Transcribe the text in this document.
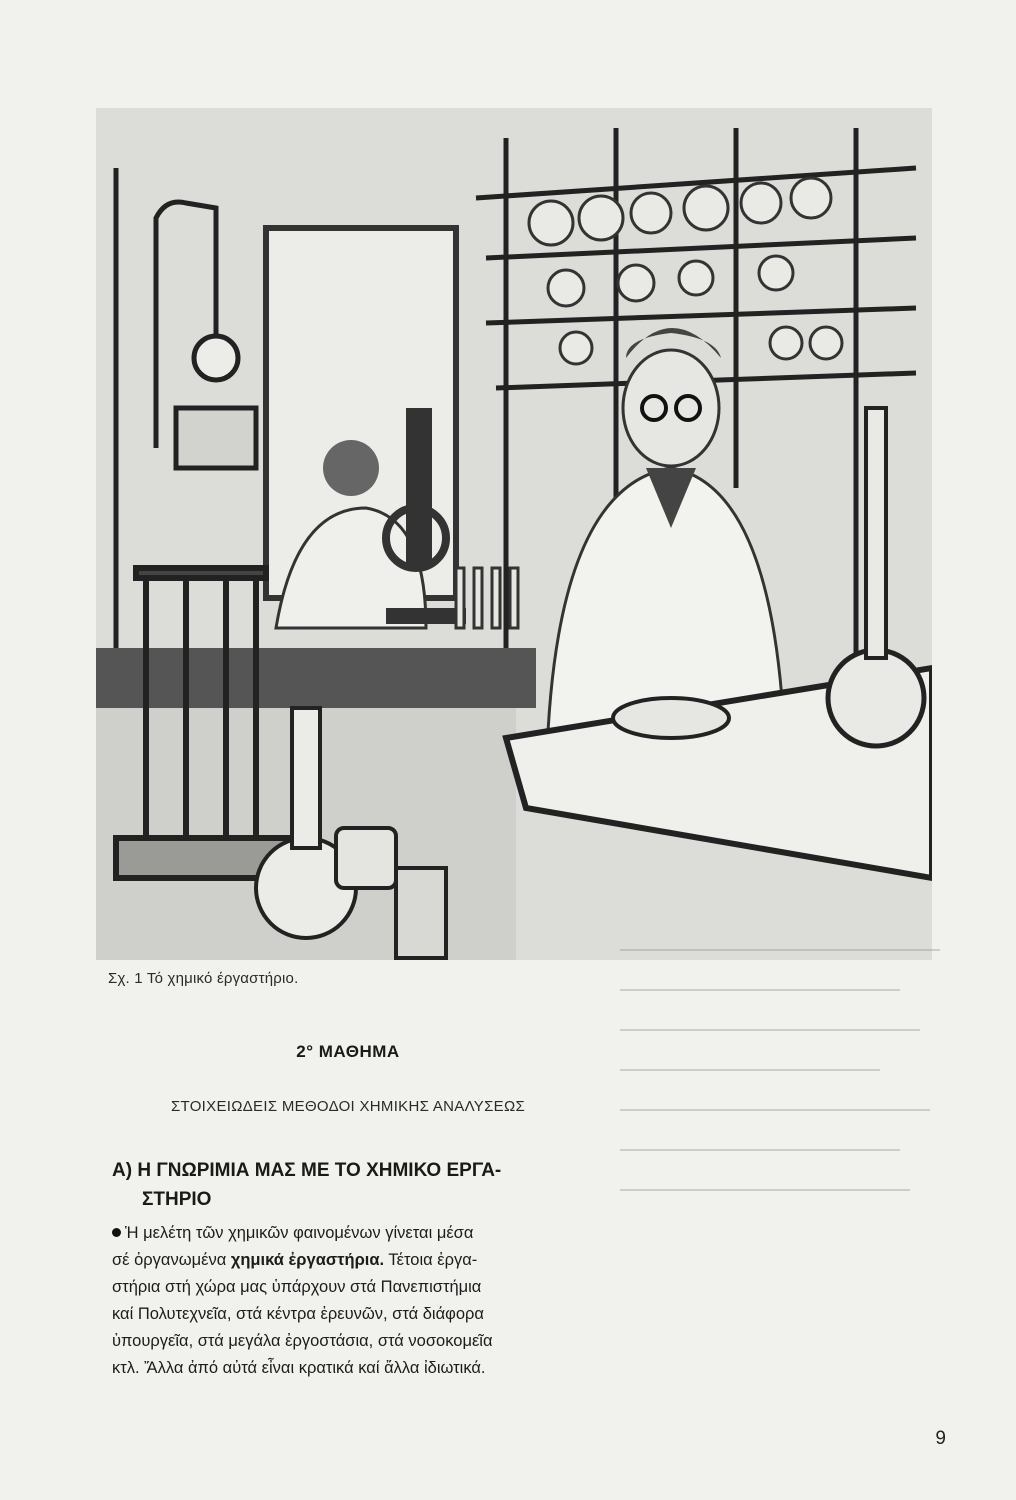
Σχ. 1 Τό χημικό έργαστήριο.
2° ΜΑΘΗΜΑ
ΣΤΟΙΧΕΙΩΔΕΙΣ ΜΕΘΟΔΟΙ ΧΗΜΙΚΗΣ ΑΝΑΛΥΣΕΩΣ
Α) Η ΓΝΩΡΙΜΙΑ ΜΑΣ ΜΕ ΤΟ ΧΗΜΙΚΟ ΕΡΓΑ-
ΣΤΗΡΙΟ

Ἡ μελέτη τῶν χημικῶν φαινομένων γίνεται μέσα

σέ ὀργανωμένα χημικά ἐργαστήρια. Τέτοια ἐργα-

στήρια στή χώρα μας ὑπάρχουν στά Πανεπιστήμια

καί Πολυτεχνεῖα, στά κέντρα ἐρευνῶν, στά διάφορα

ὑπουργεῖα, στά μεγάλα ἐργοστάσια, στά νοσοκομεῖα

κτλ. Ἄλλα ἀπό αὐτά εἶναι κρατικά καί ἄλλα ἰδιωτικά.

9
